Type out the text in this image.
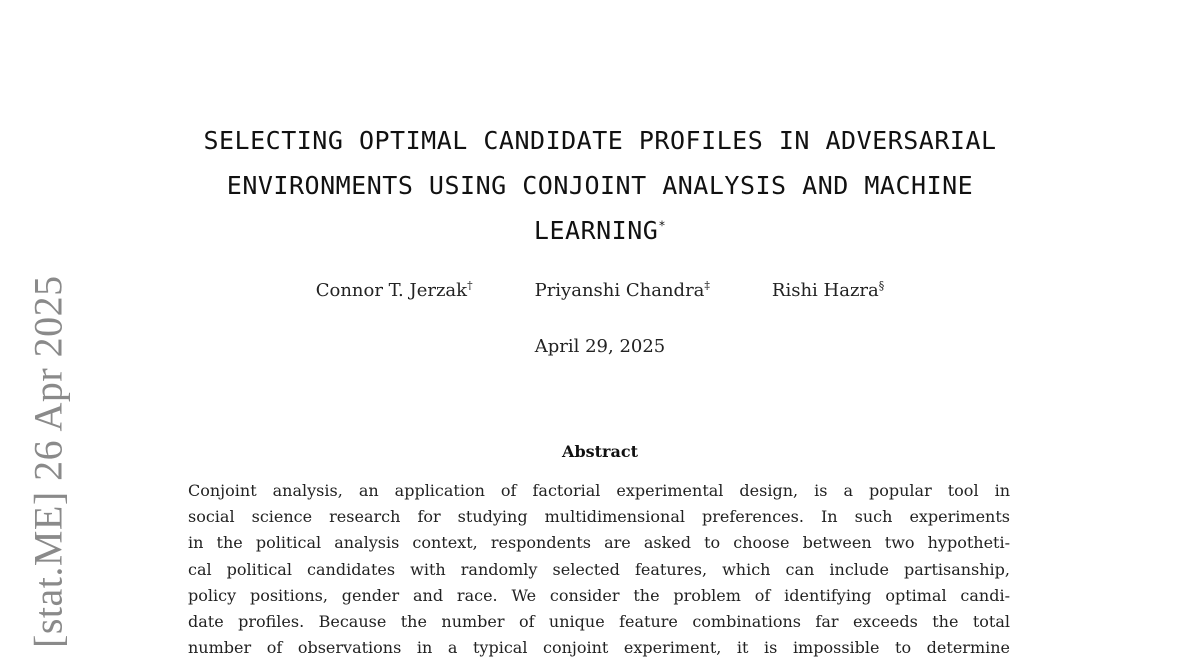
[stat.ME] 26 Apr 2025
SELECTING OPTIMAL CANDIDATE PROFILES IN ADVERSARIAL
ENVIRONMENTS USING CONJOINT ANALYSIS AND MACHINE
LEARNING*
Connor T. Jerzak†	Priyanshi Chandra‡	Rishi Hazra§
April 29, 2025
Abstract
Conjoint analysis, an application of factorial experimental design, is a popular tool in
social science research for studying multidimensional preferences. In such experiments
in the political analysis context, respondents are asked to choose between two hypotheti-
cal political candidates with randomly selected features, which can include partisanship,
policy positions, gender and race. We consider the problem of identifying optimal candi-
date profiles. Because the number of unique feature combinations far exceeds the total
number of observations in a typical conjoint experiment, it is impossible to determine
